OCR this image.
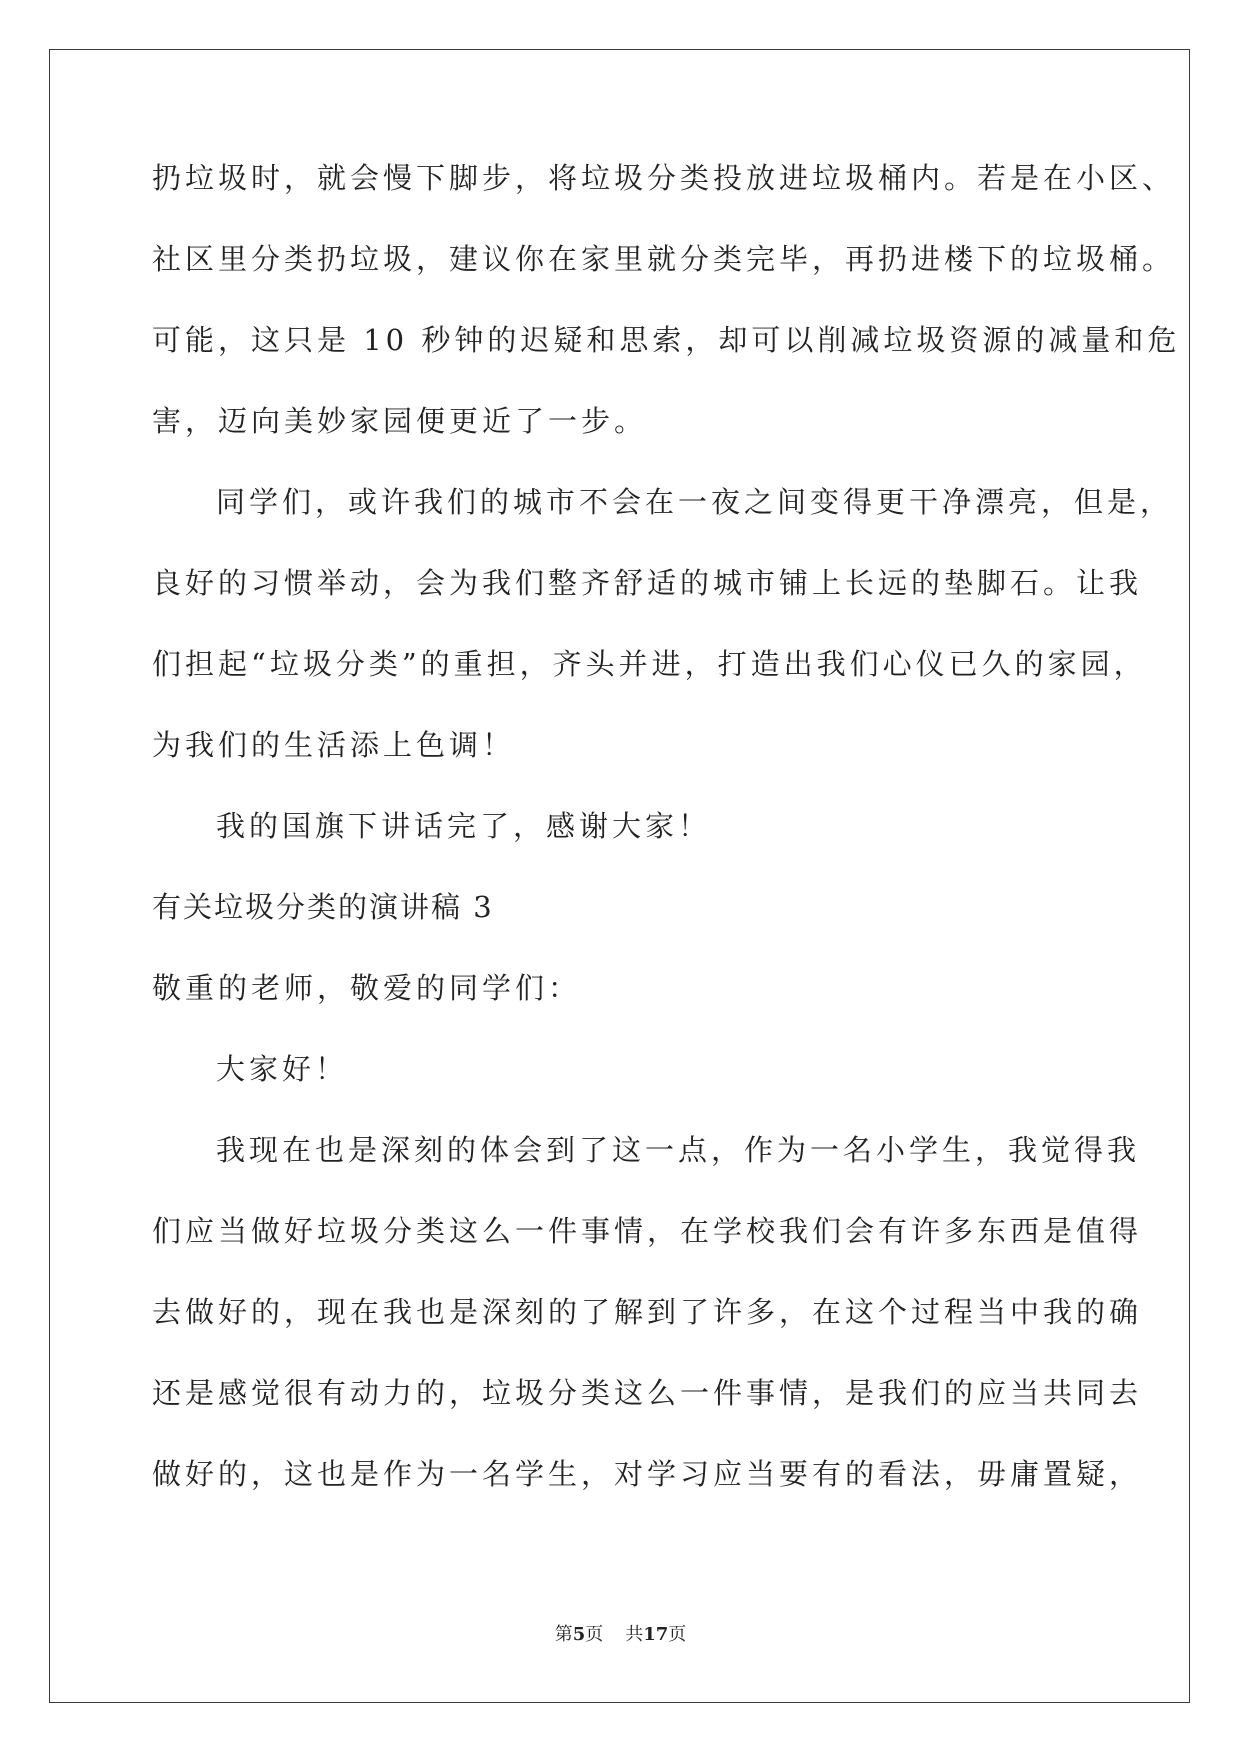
扔垃圾时，就会慢下脚步，将垃圾分类投放进垃圾桶内。若是在小区、
社区里分类扔垃圾，建议你在家里就分类完毕，再扔进楼下的垃圾桶。
可能，这只是 10 秒钟的迟疑和思索，却可以削减垃圾资源的减量和危
害，迈向美妙家园便更近了一步。
同学们，或许我们的城市不会在一夜之间变得更干净漂亮，但是，
良好的习惯举动，会为我们整齐舒适的城市铺上长远的垫脚石。让我
们担起“垃圾分类”的重担，齐头并进，打造出我们心仪已久的家园，
为我们的生活添上色调！
我的国旗下讲话完了，感谢大家！
有关垃圾分类的演讲稿 3
敬重的老师，敬爱的同学们：
大家好！
我现在也是深刻的体会到了这一点，作为一名小学生，我觉得我
们应当做好垃圾分类这么一件事情，在学校我们会有许多东西是值得
去做好的，现在我也是深刻的了解到了许多，在这个过程当中我的确
还是感觉很有动力的，垃圾分类这么一件事情，是我们的应当共同去
做好的，这也是作为一名学生，对学习应当要有的看法，毋庸置疑，
第5页 共17页
